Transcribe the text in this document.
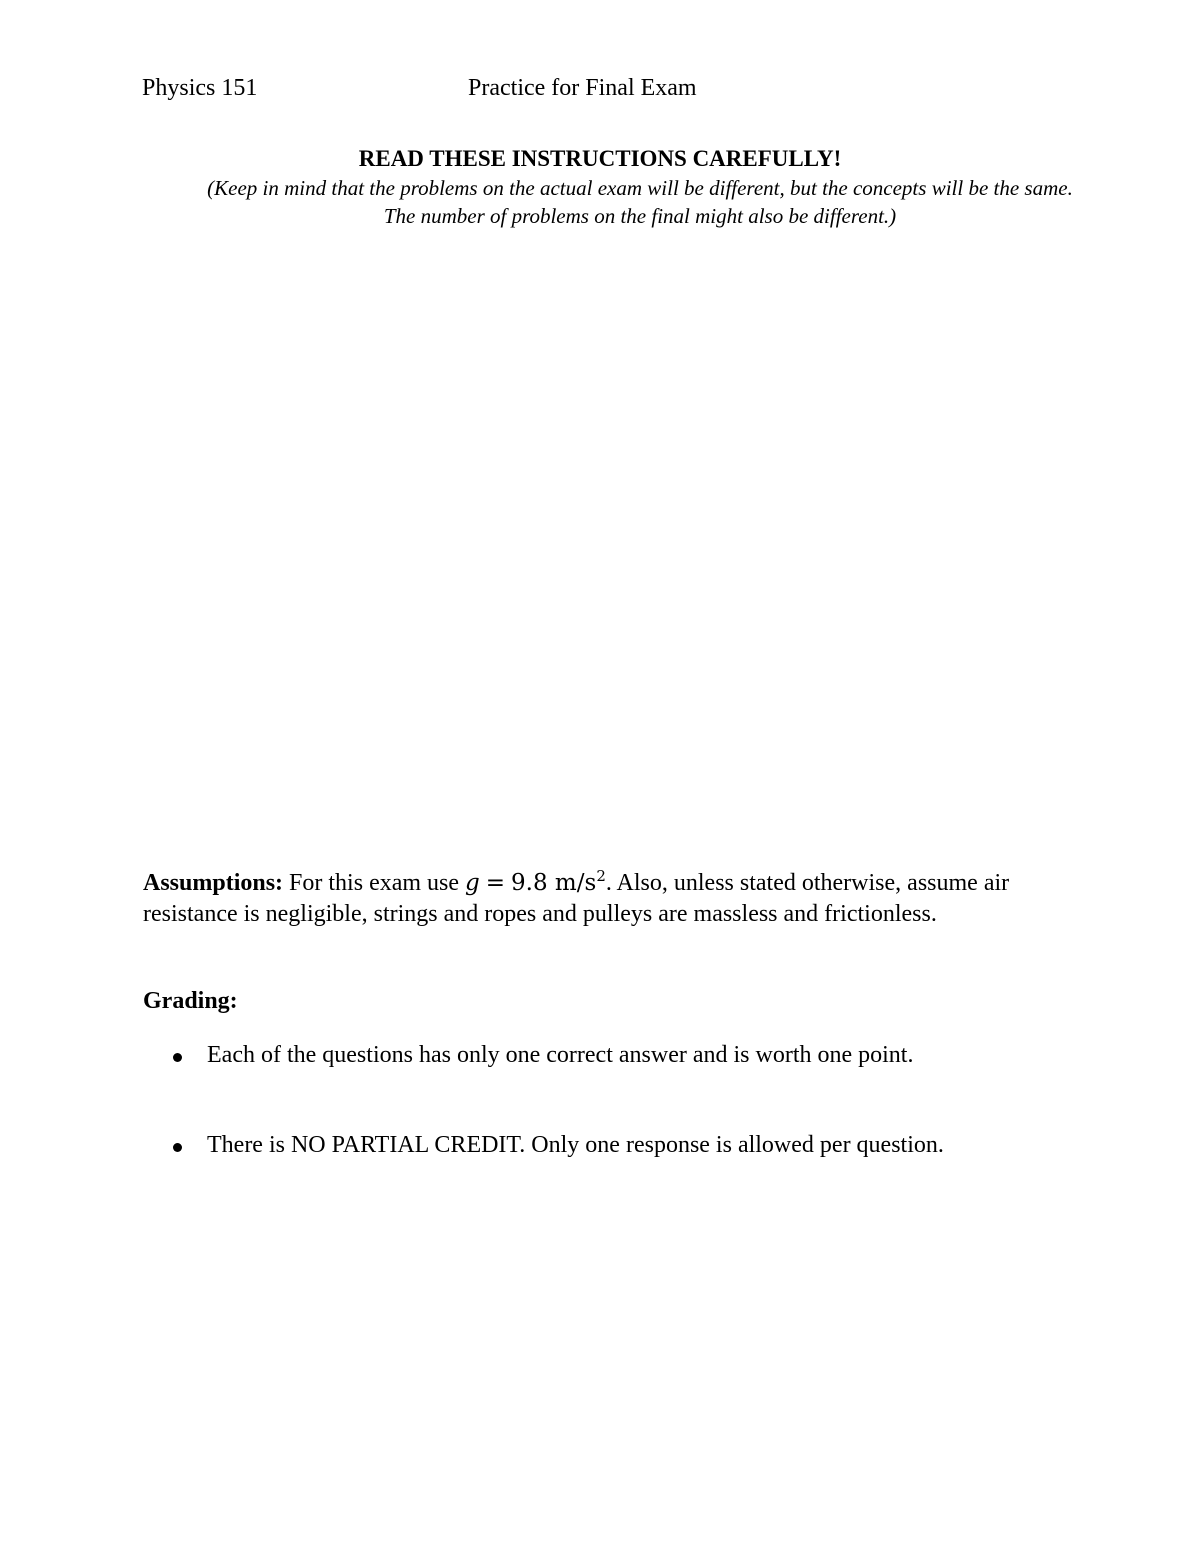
Physics 151	Practice for Final Exam
READ THESE INSTRUCTIONS CAREFULLY!
(Keep in mind that the problems on the actual exam will be different, but the concepts will be the same.
The number of problems on the final might also be different.)
Assumptions: For this exam use g = 9.8 $m/s^2$. Also, unless stated otherwise, assume air resistance is negligible, strings and ropes and pulleys are massless and frictionless.
Grading:
Each of the questions has only one correct answer and is worth one point.
There is NO PARTIAL CREDIT. Only one response is allowed per question.
